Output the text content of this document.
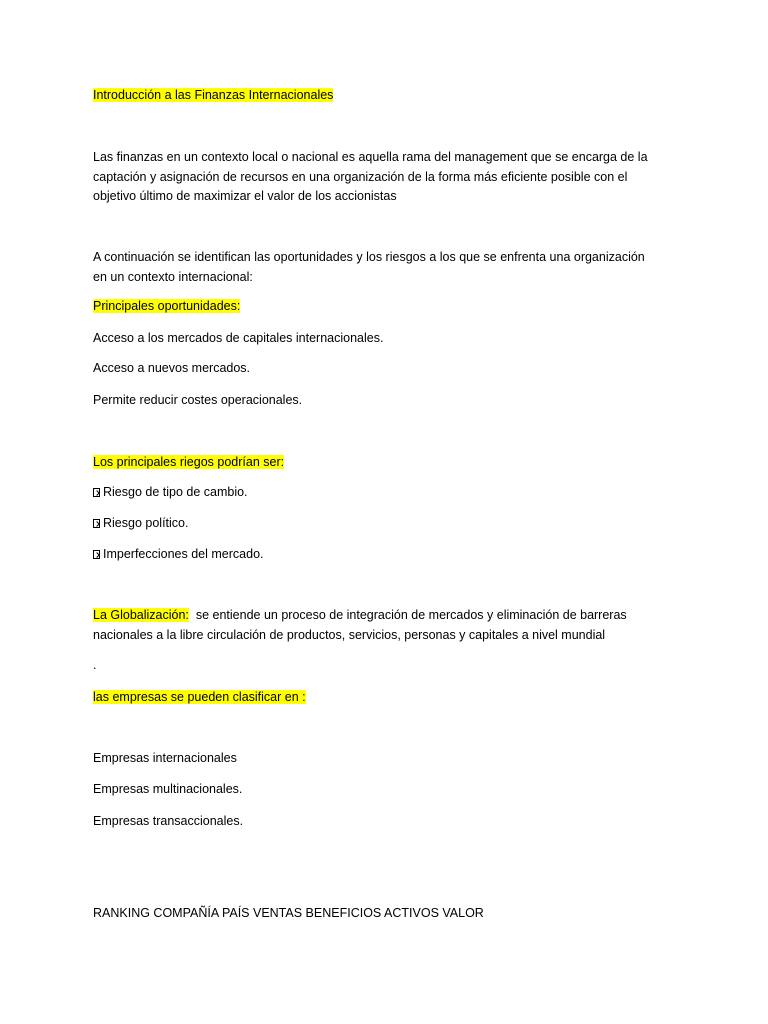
Introducción a las Finanzas Internacionales
Las finanzas en un contexto local o nacional es aquella rama del management que se encarga de la
captación y asignación de recursos en una organización de la forma más eficiente posible con el
objetivo último de maximizar el valor de los accionistas
A continuación se identifican las oportunidades y los riesgos a los que se enfrenta una organización
en un contexto internacional:
Principales oportunidades:
Acceso a los mercados de capitales internacionales.
Acceso a nuevos mercados.
Permite reducir costes operacionales.
Los principales riegos podrían ser:
Riesgo de tipo de cambio.
Riesgo político.
Imperfecciones del mercado.
La Globalización:  se entiende un proceso de integración de mercados y eliminación de barreras
nacionales a la libre circulación de productos, servicios, personas y capitales a nivel mundial
.
las empresas se pueden clasificar en :
Empresas internacionales
Empresas multinacionales.
Empresas transaccionales.
RANKING COMPAÑÍA PAÍS VENTAS BENEFICIOS ACTIVOS VALOR
